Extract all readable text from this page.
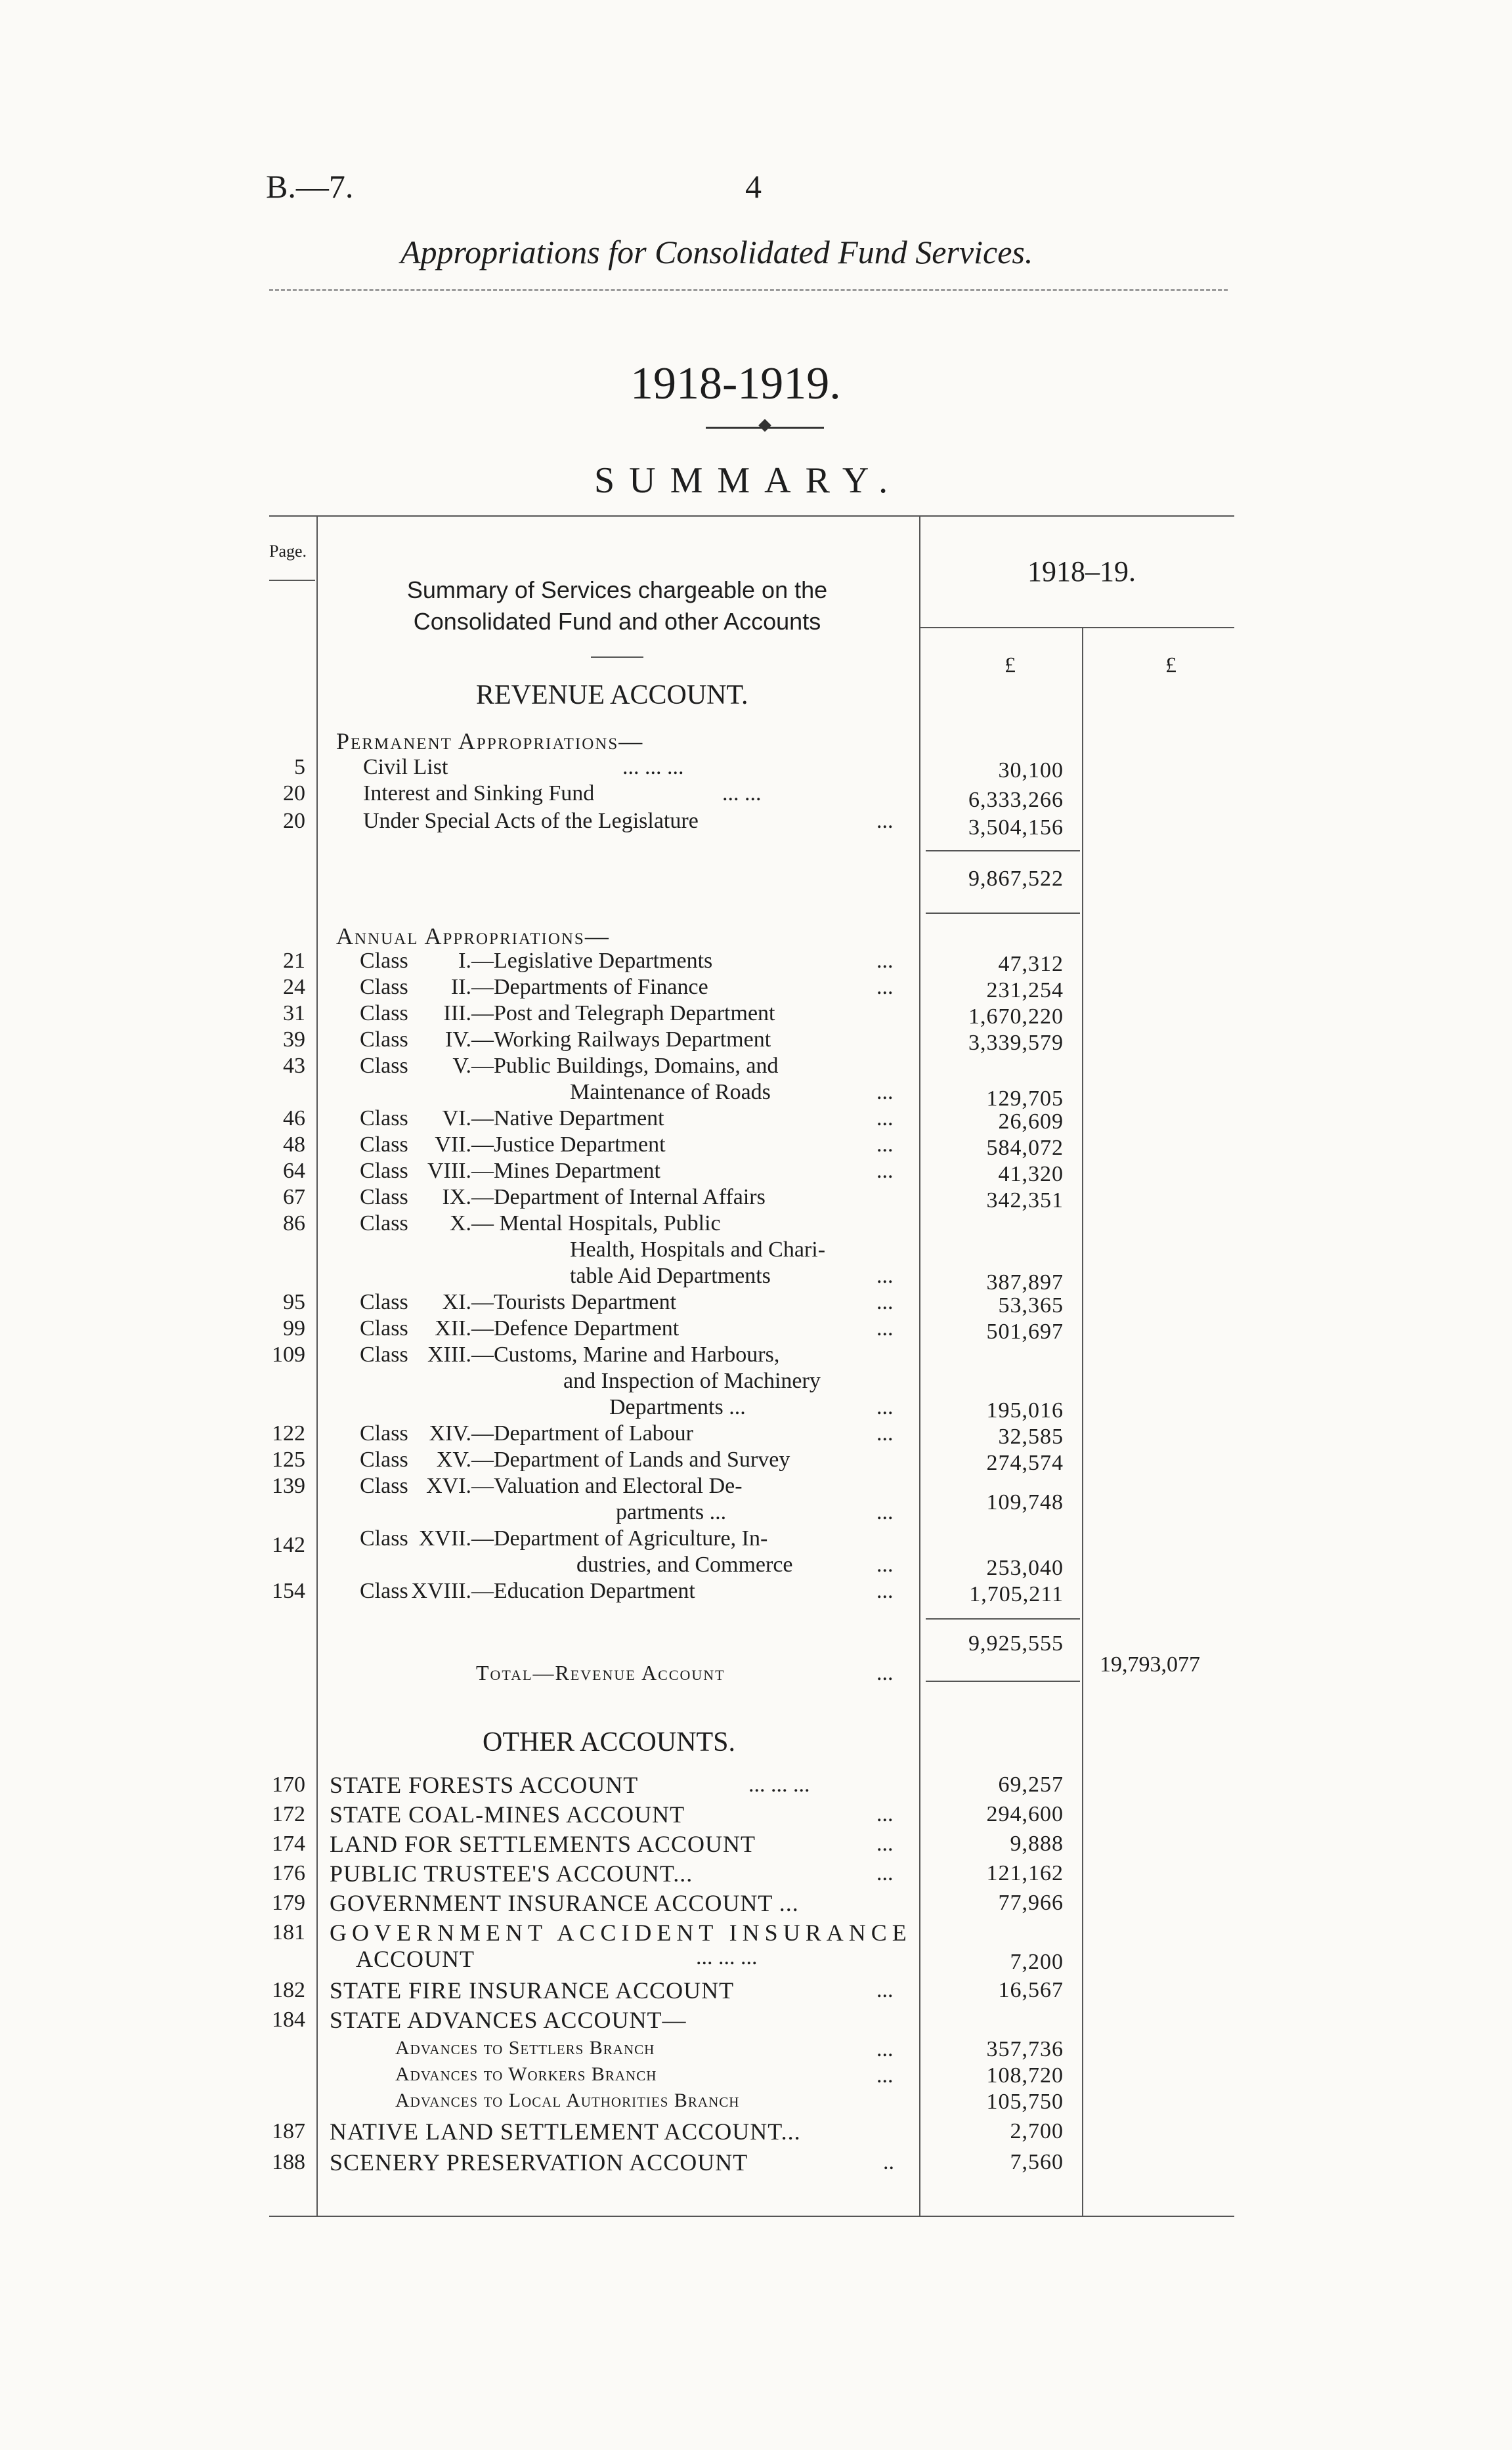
B.—7.	4
Appropriations for Consolidated Fund Services.
1918-1919.
SUMMARY.
Page.
Summary of Services chargeable on the Consolidated Fund and other Accounts
1918–19.
£	£
REVENUE ACCOUNT.
Permanent Appropriations—
5	Civil List	... ... ...	30,100
20	Interest and Sinking Fund	... ...	6,333,266
20	Under Special Acts of the Legislature	...	3,504,156
9,867,522
Annual Appropriations—
21 Class	I. —Legislative Departments	...	47,312
24 Class	II. —Departments of Finance	...	231,254
31 Class	III. —Post and Telegraph Department	1,670,220
39 Class	IV. —Working Railways Department	3,339,579
43 Class	V. —Public Buildings, Domains, and
Maintenance of Roads	...	129,705
46 Class	VI. —Native Department	...	26,609
48 Class	VII. —Justice Department	...	584,072
64 Class VIII. —Mines Department	...	41,320
67 Class	IX. —Department of Internal Affairs	342,351
86 Class	X. — Mental Hospitals, Public
Health, Hospitals and Chari-
table Aid Departments	...	387,897
95 Class	XI. —Tourists Department	...	53,365
99 Class	XII. —Defence Department	...	501,697
109 Class XIII. —Customs, Marine and Harbours,
and Inspection of Machinery
Departments ...	...	195,016
122 Class XIV. —Department of Labour	...	32,585
125 Class	XV. —Department of Lands and Survey	274,574
139 Class XVI. —Valuation and Electoral De-
partments ...	...	109,748
142 Class XVII. —Department of Agriculture, In-
dustries, and Commerce	...	253,040
154 Class XVIII. —Education Department	...	1,705,211
9,925,555
Total—Revenue Account	...	19,793,077
OTHER ACCOUNTS.
170 STATE FORESTS ACCOUNT	... ... ...	69,257
172 STATE COAL-MINES ACCOUNT	...	294,600
174 LAND FOR SETTLEMENTS ACCOUNT	...	9,888
176 PUBLIC TRUSTEE'S ACCOUNT...	...	121,162
179 GOVERNMENT INSURANCE ACCOUNT ...	77,966
181 GOVERNMENT ACCIDENT INSURANCE
ACCOUNT	... ... ...	7,200
182 STATE FIRE INSURANCE ACCOUNT	...	16,567
184 STATE ADVANCES ACCOUNT—
Advances to Settlers Branch	...	357,736
Advances to Workers Branch	...	108,720
Advances to Local Authorities Branch	105,750
187 NATIVE LAND SETTLEMENT ACCOUNT...	2,700
188 SCENERY PRESERVATION ACCOUNT	..	7,560
